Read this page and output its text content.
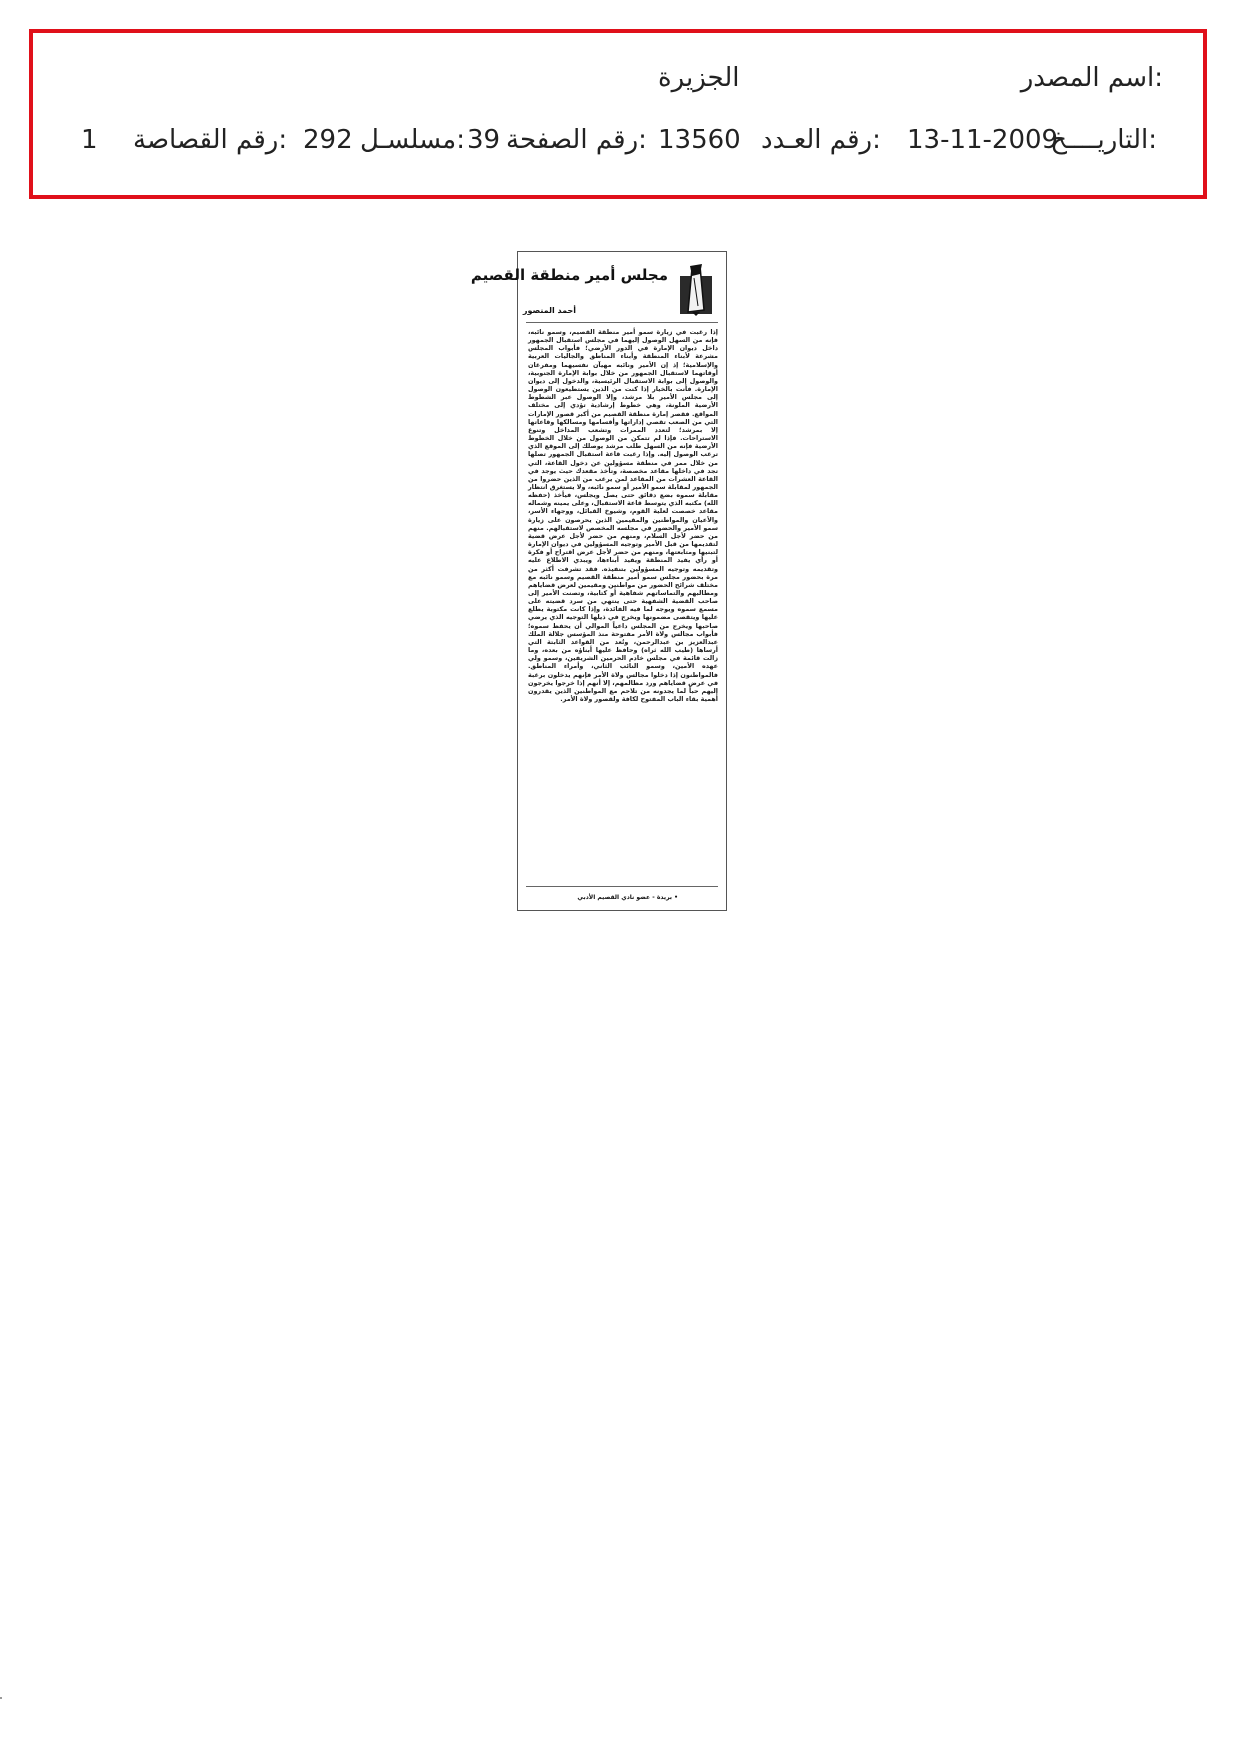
اسم المصدر:
الجزيرة
التاريــــخ:
13-11-2009
رقم العـدد:
13560
رقم الصفحة:
39
مسلسـل:
292
رقم القصاصة:
1
مجلس أمير منطقة القصيم
أحمد المنصور
إذا رغبت في زيارة سمو أمير منطقة القصيم، وسمو نائبه، فإنه من السهل الوصول إليهما في مجلس استقبال الجمهور داخل ديوان الإمارة في الدور الأرضي؛ فأبواب المجلس مشرعة لأبناء المنطقة وأبناء المناطق والجاليات العربية والإسلامية؛ إذ إن الأمير ونائبه مهيآن نفسيهما ومفرغان أوقاتهما لاستقبال الجمهور من خلال بوابة الإمارة الجنوبية، والوصول إلى بوابة الاستقبال الرئيسية، والدخول إلى ديوان الإمارة. فأنت بالخيار إذا كنت من الذين يستطيعون الوصول إلى مجلس الأمير بلا مرشد، وإلا الوصول عبر الشطوط الأرضية الملونة، وهي خطوط إرشادية تؤدي إلى مختلف المواقع. فقصر إمارة منطقة القصيم من أكبر قصور الإمارات التي من الصعب تقصي إداراتها وأقسامها ومسالكها وقاعاتها إلا بمرشد؛ لتعدد الممرات وتشعب المداخل وتنوع الاستراحات. فإذا لم تتمكن من الوصول من خلال الخطوط الأرضية فإنه من السهل طلب مرشد يوصلك إلى الموقع الذي ترغب الوصول إليه. وإذا رغبت قاعة استقبال الجمهور تصلها من خلال ممر في منطقة مسؤولين عن دخول القاعة، التي تجد في داخلها مقاعد مخصصة، وتأخذ مقعدك حيث يوجد في القاعة العشرات من المقاعد لمن يرغب من الذين حضروا من الجمهور لمقابلة سمو الأمير أو سمو نائبه، ولا يستغرق انتظار مقابلة سموه بضع دقائق حتى يصل ويجلس، فيأخذ (حفظه الله) مكتبه الذي يتوسط قاعة الاستقبال، وعلى يمينه وشماله مقاعد خصصت لعلية القوم، وشيوخ القبائل، ووجهاء الأسر، والأعيان والمواطنين والمقيمين الذين يحرصون على زيارة سمو الأمير والحضور في مجلسه المخصص لاستقبالهم. منهم من حضر لأجل السلام، ومنهم من حضر لأجل عرض قضية لتقديمها من قبل الأمير وتوجيه المسؤولين في ديوان الإمارة لتبنيها ومتابعتها، ومنهم من حضر لأجل عرض اقتراح أو فكرة أو رأي يفيد المنطقة ويفيد أبناءها، ويبدي الاطلاع عليه وتقديمه وتوجيه المسؤولين بتنفيذه. فقد تشرفت أكثر من مرة بحضور مجلس سمو أمير منطقة القصيم وسمو نائبه مع مختلف شرائح الحضور من مواطنين ومقيمين لعرض قضاياهم ومطالبهم والتماساتهم شفاهية أو كتابية، وتصنت الأمير إلى صاحب القضية الشفهية حتى ينتهي من سرد قضيته على مسمع سموه ويوجه لما فيه الفائدة، وإذا كانت مكتوبة يطلع عليها ويتقصى مضمونها ويخرج في ذيلها التوجيه الذي يرضي صاحبها ويخرج من المجلس داعياً الموالي أن يحفظ سموه؛ فأبواب مجالس ولاة الأمر مفتوحة منذ المؤسس جلالة الملك عبدالعزيز بن عبدالرحمن، وتُعد من القواعد الثابتة التي أرساها (طيب الله ثراه) وحافظ عليها أبناؤه من بعده، وما زالت قائمة في مجلس خادم الحرمين الشريفين، وسمو ولي عهده الأمين، وسمو النائب الثاني، وأمراء المناطق. فالمواطنون إذا دخلوا مجالس ولاة الأمر فإنهم يدخلون برغبة في عرض قضاياهم ورد مظالمهم، إلا أنهم إذا خرجوا يخرجون إليهم حباً لما يجدونه من تلاحم مع المواطنين الذين يقدرون أهمية بقاء الباب المفتوح لكافة ولقصور ولاة الأمر.
• بريدة - عضو نادي القصيم الأدبي
